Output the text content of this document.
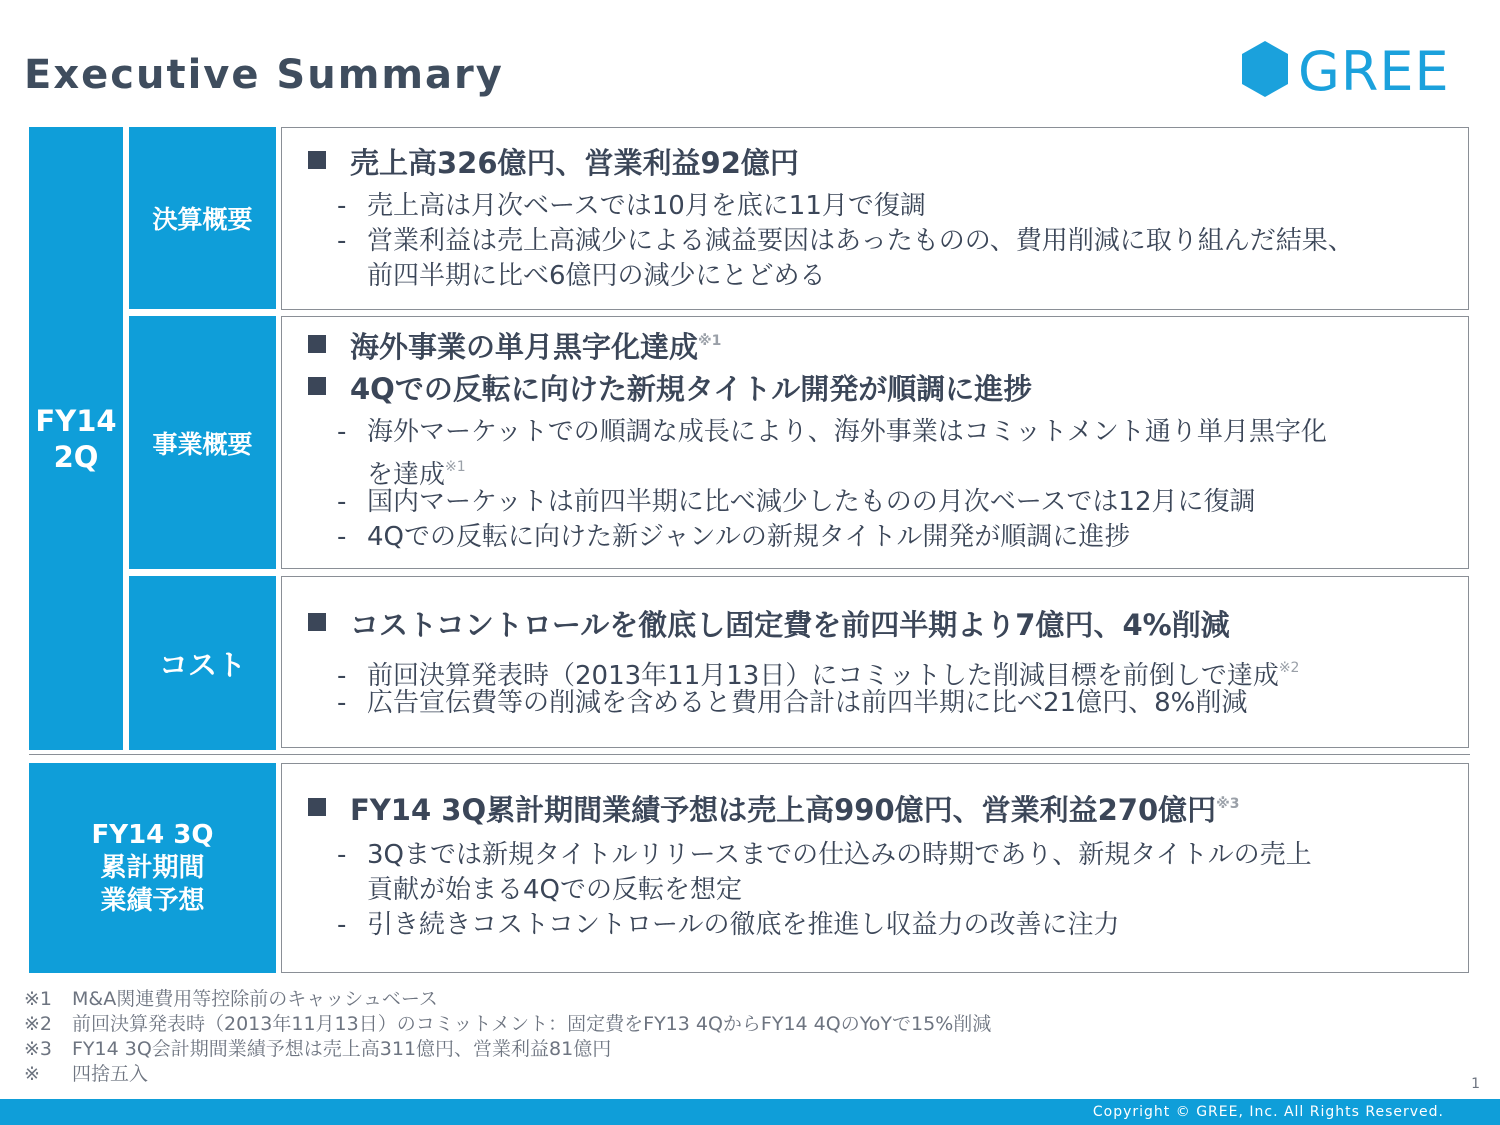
Executive Summary	GREE
FY14
2Q
決算概要
売上高326億円、営業利益92億円
- 売上高は月次ベースでは10月を底に11月で復調
- 営業利益は売上高減少による減益要因はあったものの、費用削減に取り組んだ結果、
前四半期に比べ6億円の減少にとどめる
事業概要
海外事業の単月黒字化達成$^{※1}$
4Qでの反転に向けた新規タイトル開発が順調に進捗
- 海外マーケットでの順調な成長により、海外事業はコミットメント通り単月黒字化
を達成$^{※1}$
- 国内マーケットは前四半期に比べ減少したものの月次ベースでは12月に復調
- 4Qでの反転に向けた新ジャンルの新規タイトル開発が順調に進捗
コスト
コストコントロールを徹底し固定費を前四半期より7億円、4%削減
- 前回決算発表時（2013年11月13日）にコミットした削減目標を前倒しで達成$^{※2}$
- 広告宣伝費等の削減を含めると費用合計は前四半期に比べ21億円、8%削減
FY14 3Q
累計期間
業績予想
FY14 3Q累計期間業績予想は売上高990億円、営業利益270億円$^{※3}$
- 3Qまでは新規タイトルリリースまでの仕込みの時期であり、新規タイトルの売上
貢献が始まる4Qでの反転を想定
- 引き続きコストコントロールの徹底を推進し収益力の改善に注力
※1 M&A関連費用等控除前のキャッシュベース
※2 前回決算発表時（2013年11月13日）のコミットメント：固定費をFY13 4QからFY14 4QのYoYで15%削減
※3 FY14 3Q会計期間業績予想は売上高311億円、営業利益81億円
※ 四捨五入	1
Copyright © GREE, Inc. All Rights Reserved.
